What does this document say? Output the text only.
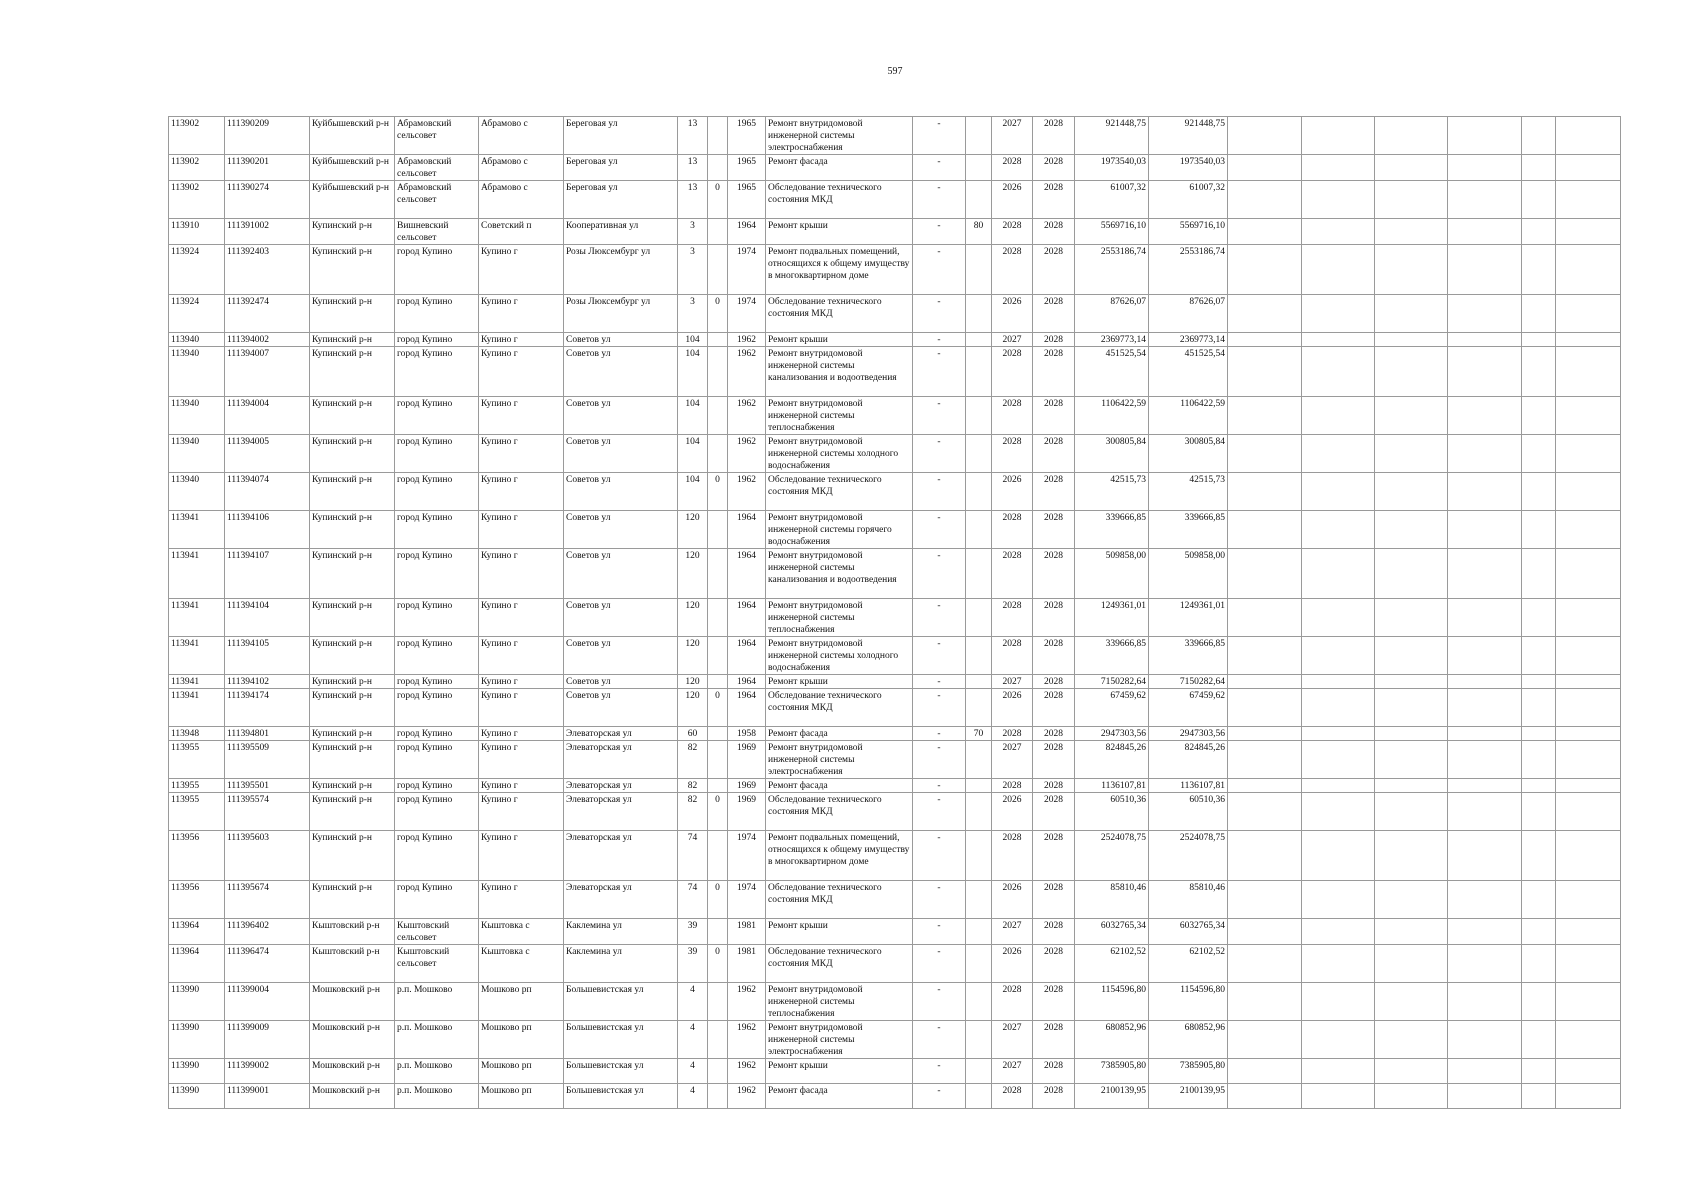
597
113902	111390209	Куйбышевский р-н	Абрамовский сельсовет	Абрамово с	Береговая ул	13		1965	Ремонт внутридомовой инженерной системы электроснабжения	-		2027	2028	921448,75	921448,75						
113902	111390201	Куйбышевский р-н	Абрамовский сельсовет	Абрамово с	Береговая ул	13		1965	Ремонт фасада	-		2028	2028	1973540,03	1973540,03						
113902	111390274	Куйбышевский р-н	Абрамовский сельсовет	Абрамово с	Береговая ул	13	0	1965	Обследование технического состояния МКД	-		2026	2028	61007,32	61007,32						
113910	111391002	Купинский р-н	Вишневский сельсовет	Советский п	Кооперативная ул	3		1964	Ремонт крыши	-	80	2028	2028	5569716,10	5569716,10						
113924	111392403	Купинский р-н	город Купино	Купино г	Розы Люксембург ул	3		1974	Ремонт подвальных помещений, относящихся к общему имуществу в многоквартирном доме	-		2028	2028	2553186,74	2553186,74						
113924	111392474	Купинский р-н	город Купино	Купино г	Розы Люксембург ул	3	0	1974	Обследование технического состояния МКД	-		2026	2028	87626,07	87626,07						
113940	111394002	Купинский р-н	город Купино	Купино г	Советов ул	104		1962	Ремонт крыши	-		2027	2028	2369773,14	2369773,14						
113940	111394007	Купинский р-н	город Купино	Купино г	Советов ул	104		1962	Ремонт внутридомовой инженерной системы канализования и водоотведения	-		2028	2028	451525,54	451525,54						
113940	111394004	Купинский р-н	город Купино	Купино г	Советов ул	104		1962	Ремонт внутридомовой инженерной системы теплоснабжения	-		2028	2028	1106422,59	1106422,59						
113940	111394005	Купинский р-н	город Купино	Купино г	Советов ул	104		1962	Ремонт внутридомовой инженерной системы холодного водоснабжения	-		2028	2028	300805,84	300805,84						
113940	111394074	Купинский р-н	город Купино	Купино г	Советов ул	104	0	1962	Обследование технического состояния МКД	-		2026	2028	42515,73	42515,73						
113941	111394106	Купинский р-н	город Купино	Купино г	Советов ул	120		1964	Ремонт внутридомовой инженерной системы горячего водоснабжения	-		2028	2028	339666,85	339666,85						
113941	111394107	Купинский р-н	город Купино	Купино г	Советов ул	120		1964	Ремонт внутридомовой инженерной системы канализования и водоотведения	-		2028	2028	509858,00	509858,00						
113941	111394104	Купинский р-н	город Купино	Купино г	Советов ул	120		1964	Ремонт внутридомовой инженерной системы теплоснабжения	-		2028	2028	1249361,01	1249361,01						
113941	111394105	Купинский р-н	город Купино	Купино г	Советов ул	120		1964	Ремонт внутридомовой инженерной системы холодного водоснабжения	-		2028	2028	339666,85	339666,85						
113941	111394102	Купинский р-н	город Купино	Купино г	Советов ул	120		1964	Ремонт крыши	-		2027	2028	7150282,64	7150282,64						
113941	111394174	Купинский р-н	город Купино	Купино г	Советов ул	120	0	1964	Обследование технического состояния МКД	-		2026	2028	67459,62	67459,62						
113948	111394801	Купинский р-н	город Купино	Купино г	Элеваторская ул	60		1958	Ремонт фасада	-	70	2028	2028	2947303,56	2947303,56						
113955	111395509	Купинский р-н	город Купино	Купино г	Элеваторская ул	82		1969	Ремонт внутридомовой инженерной системы электроснабжения	-		2027	2028	824845,26	824845,26						
113955	111395501	Купинский р-н	город Купино	Купино г	Элеваторская ул	82		1969	Ремонт фасада	-		2028	2028	1136107,81	1136107,81						
113955	111395574	Купинский р-н	город Купино	Купино г	Элеваторская ул	82	0	1969	Обследование технического состояния МКД	-		2026	2028	60510,36	60510,36						
113956	111395603	Купинский р-н	город Купино	Купино г	Элеваторская ул	74		1974	Ремонт подвальных помещений, относящихся к общему имуществу в многоквартирном доме	-		2028	2028	2524078,75	2524078,75						
113956	111395674	Купинский р-н	город Купино	Купино г	Элеваторская ул	74	0	1974	Обследование технического состояния МКД	-		2026	2028	85810,46	85810,46						
113964	111396402	Кыштовский р-н	Кыштовский сельсовет	Кыштовка с	Каклемина ул	39		1981	Ремонт крыши	-		2027	2028	6032765,34	6032765,34						
113964	111396474	Кыштовский р-н	Кыштовский сельсовет	Кыштовка с	Каклемина ул	39	0	1981	Обследование технического состояния МКД	-		2026	2028	62102,52	62102,52						
113990	111399004	Мошковский р-н	р.п. Мошково	Мошково рп	Большевистская ул	4		1962	Ремонт внутридомовой инженерной системы теплоснабжения	-		2028	2028	1154596,80	1154596,80						
113990	111399009	Мошковский р-н	р.п. Мошково	Мошково рп	Большевистская ул	4		1962	Ремонт внутридомовой инженерной системы электроснабжения	-		2027	2028	680852,96	680852,96						
113990	111399002	Мошковский р-н	р.п. Мошково	Мошково рп	Большевистская ул	4		1962	Ремонт крыши	-		2027	2028	7385905,80	7385905,80						
113990	111399001	Мошковский р-н	р.п. Мошково	Мошково рп	Большевистская ул	4		1962	Ремонт фасада	-		2028	2028	2100139,95	2100139,95						
